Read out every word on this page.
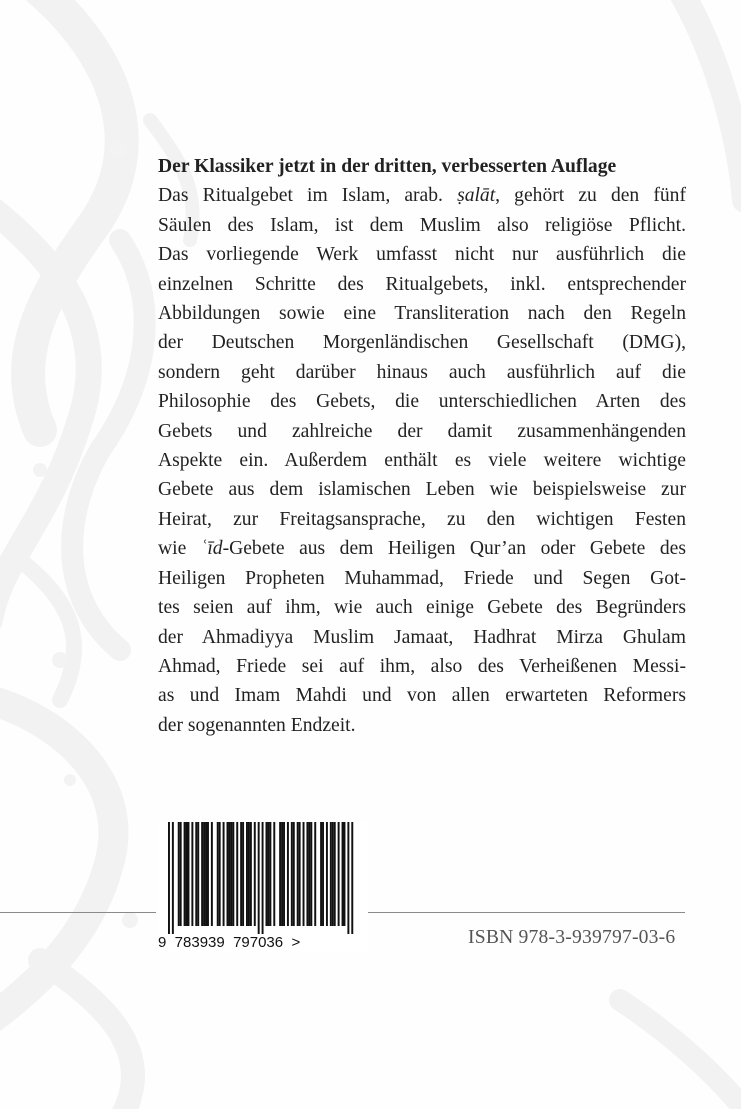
Der Klassiker jetzt in der dritten, verbesserten Auflage

Das Ritualgebet im Islam, arab. ṣalāt, gehört zu den fünf
Säulen des Islam, ist dem Muslim also religiöse Pflicht.
Das vorliegende Werk umfasst nicht nur ausführlich die
einzelnen Schritte des Ritualgebets, inkl. entsprechender
Abbildungen sowie eine Transliteration nach den Regeln
der Deutschen Morgenländischen Gesellschaft (DMG),
sondern geht darüber hinaus auch ausführlich auf die
Philosophie des Gebets, die unterschiedlichen Arten des
Gebets und zahlreiche der damit zusammenhängenden
Aspekte ein. Außerdem enthält es viele weitere wichtige
Gebete aus dem islamischen Leben wie beispielsweise zur
Heirat, zur Freitagsansprache, zu den wichtigen Festen
wie ʿīd-Gebete aus dem Heiligen Qur’an oder Gebete des
Heiligen Propheten Muhammad, Friede und Segen Got-
tes seien auf ihm, wie auch einige Gebete des Begründers
der Ahmadiyya Muslim Jamaat, Hadhrat Mirza Ghulam
Ahmad, Friede sei auf ihm, also des Verheißenen Messi-
as und Imam Mahdi und von allen erwarteten Reformers
der sogenannten Endzeit.
9  783939  797036  >	ISBN 978-3-939797-03-6
